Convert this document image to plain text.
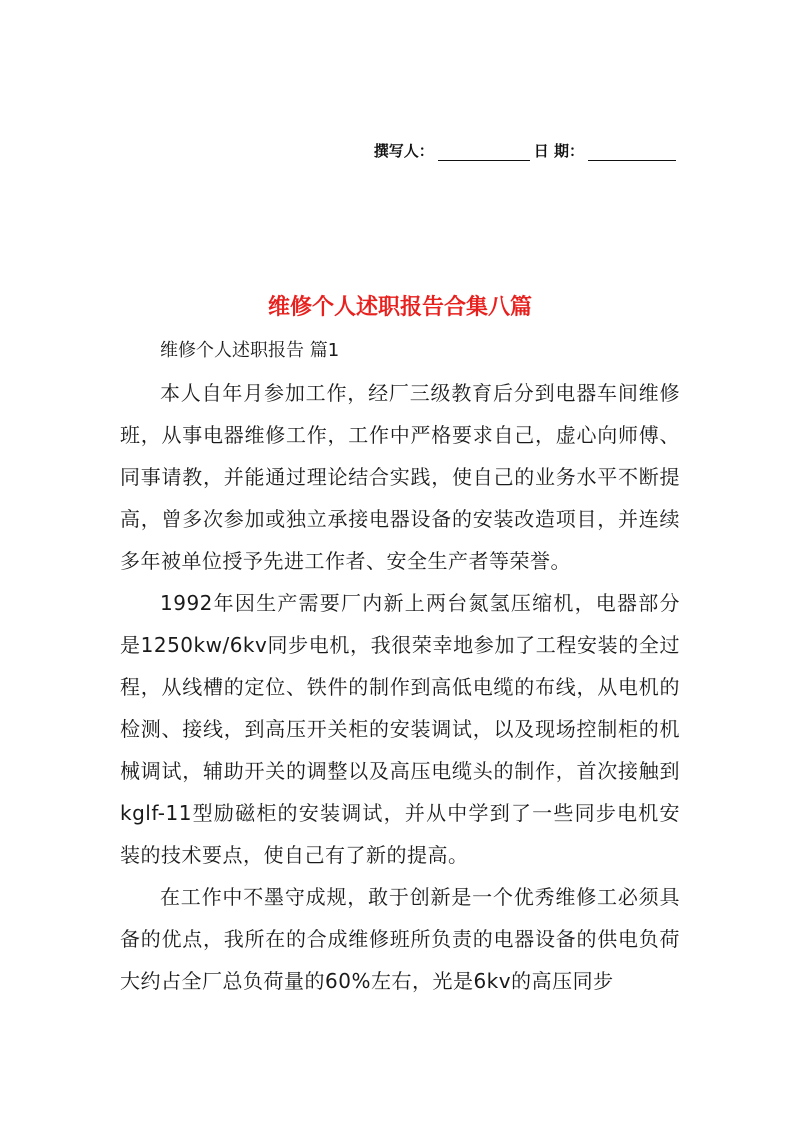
撰写人：	日 期：
维修个人述职报告合集八篇

维修个人述职报告 篇1

本人自年月参加工作，经厂三级教育后分到电器车间维修班，从事电器维修工作，工作中严格要求自己，虚心向师傅、同事请教，并能通过理论结合实践，使自己的业务水平不断提高，曾多次参加或独立承接电器设备的安装改造项目，并连续多年被单位授予先进工作者、安全生产者等荣誉。

1992年因生产需要厂内新上两台氮氢压缩机，电器部分是1250kw/6kv同步电机，我很荣幸地参加了工程安装的全过程，从线槽的定位、铁件的制作到高低电缆的布线，从电机的检测、接线，到高压开关柜的安装调试，以及现场控制柜的机械调试，辅助开关的调整以及高压电缆头的制作，首次接触到kglf-11型励磁柜的安装调试，并从中学到了一些同步电机安装的技术要点，使自己有了新的提高。

在工作中不墨守成规，敢于创新是一个优秀维修工必须具备的优点，我所在的合成维修班所负责的电器设备的供电负荷大约占全厂总负荷量的60%左右，光是6kv的高压同步
